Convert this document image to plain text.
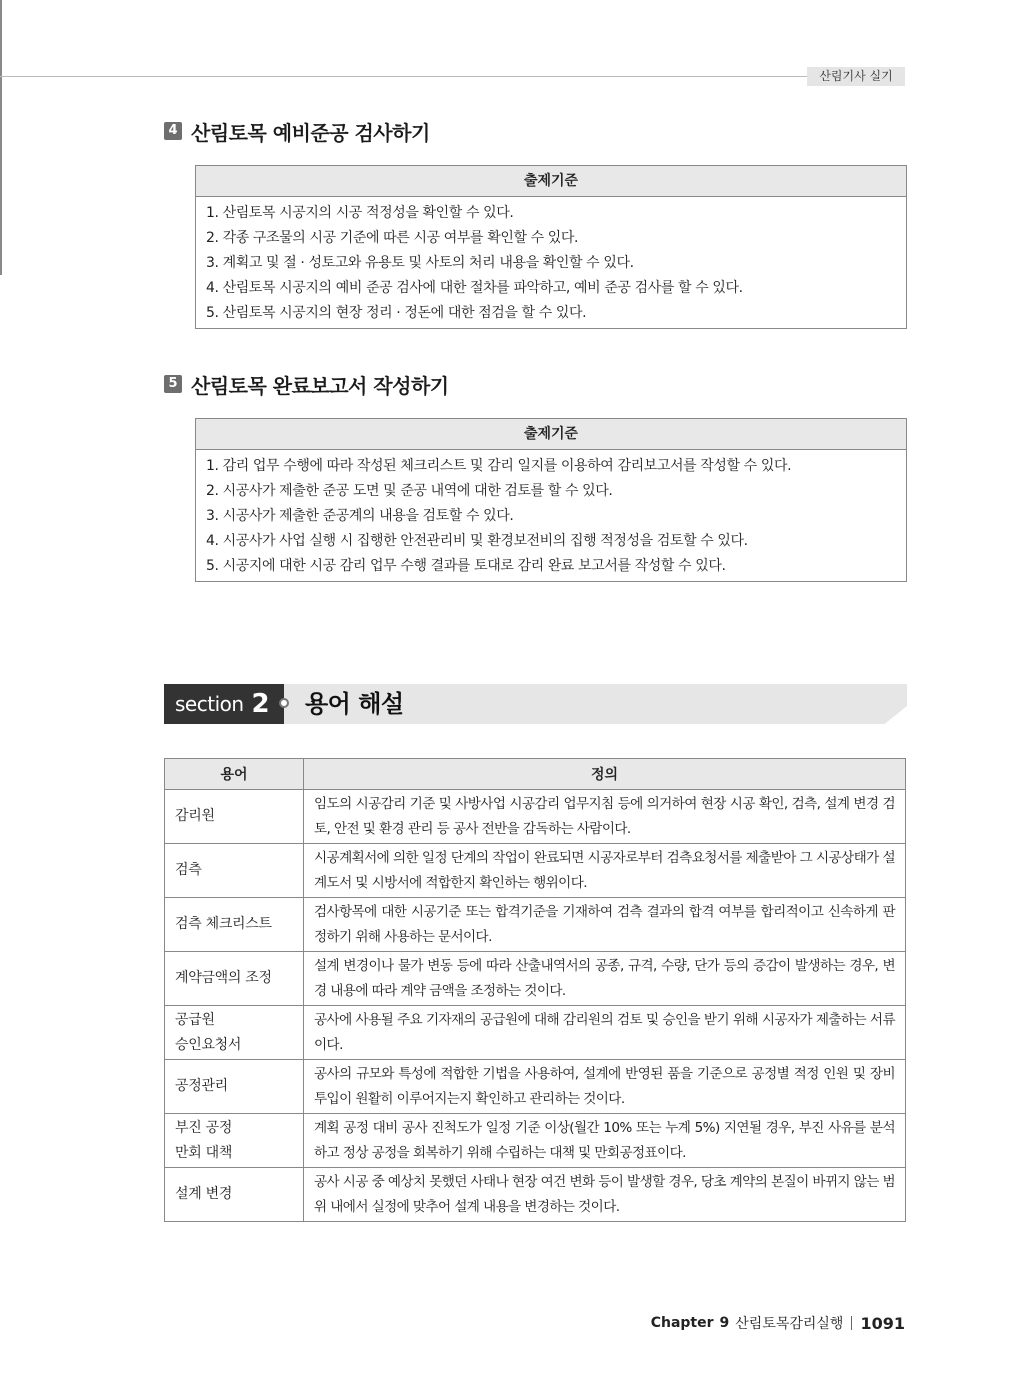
산림기사 실기
4 산림토목 예비준공 검사하기
출제기준
1. 산림토목 시공지의 시공 적정성을 확인할 수 있다.
2. 각종 구조물의 시공 기준에 따른 시공 여부를 확인할 수 있다.
3. 계획고 및 절 · 성토고와 유용토 및 사토의 처리 내용을 확인할 수 있다.
4. 산림토목 시공지의 예비 준공 검사에 대한 절차를 파악하고, 예비 준공 검사를 할 수 있다.
5. 산림토목 시공지의 현장 정리 · 정돈에 대한 점검을 할 수 있다.
5 산림토목 완료보고서 작성하기
출제기준
1. 감리 업무 수행에 따라 작성된 체크리스트 및 감리 일지를 이용하여 감리보고서를 작성할 수 있다.
2. 시공사가 제출한 준공 도면 및 준공 내역에 대한 검토를 할 수 있다.
3. 시공사가 제출한 준공계의 내용을 검토할 수 있다.
4. 시공사가 사업 실행 시 집행한 안전관리비 및 환경보전비의 집행 적정성을 검토할 수 있다.
5. 시공지에 대한 시공 감리 업무 수행 결과를 토대로 감리 완료 보고서를 작성할 수 있다.
section 2 용어 해설
용어	정의
감리원	임도의 시공감리 기준 및 사방사업 시공감리 업무지침 등에 의거하여 현장 시공 확인, 검측, 설계 변경 검토, 안전 및 환경 관리 등 공사 전반을 감독하는 사람이다.
검측	시공계획서에 의한 일정 단계의 작업이 완료되면 시공자로부터 검측요청서를 제출받아 그 시공상태가 설계도서 및 시방서에 적합한지 확인하는 행위이다.
검측 체크리스트	검사항목에 대한 시공기준 또는 합격기준을 기재하여 검측 결과의 합격 여부를 합리적이고 신속하게 판정하기 위해 사용하는 문서이다.
계약금액의 조정	설계 변경이나 물가 변동 등에 따라 산출내역서의 공종, 규격, 수량, 단가 등의 증감이 발생하는 경우, 변경 내용에 따라 계약 금액을 조정하는 것이다.
공급원
승인요청서	공사에 사용될 주요 기자재의 공급원에 대해 감리원의 검토 및 승인을 받기 위해 시공자가 제출하는 서류이다.
공정관리	공사의 규모와 특성에 적합한 기법을 사용하여, 설계에 반영된 품을 기준으로 공정별 적정 인원 및 장비 투입이 원활히 이루어지는지 확인하고 관리하는 것이다.
부진 공정
만회 대책	계획 공정 대비 공사 진척도가 일정 기준 이상(월간 10% 또는 누계 5%) 지연될 경우, 부진 사유를 분석하고 정상 공정을 회복하기 위해 수립하는 대책 및 만회공정표이다.
설계 변경	공사 시공 중 예상치 못했던 사태나 현장 여건 변화 등이 발생할 경우, 당초 계약의 본질이 바뀌지 않는 범위 내에서 실정에 맞추어 설계 내용을 변경하는 것이다.
Chapter 9 산림토목감리실행 1091
